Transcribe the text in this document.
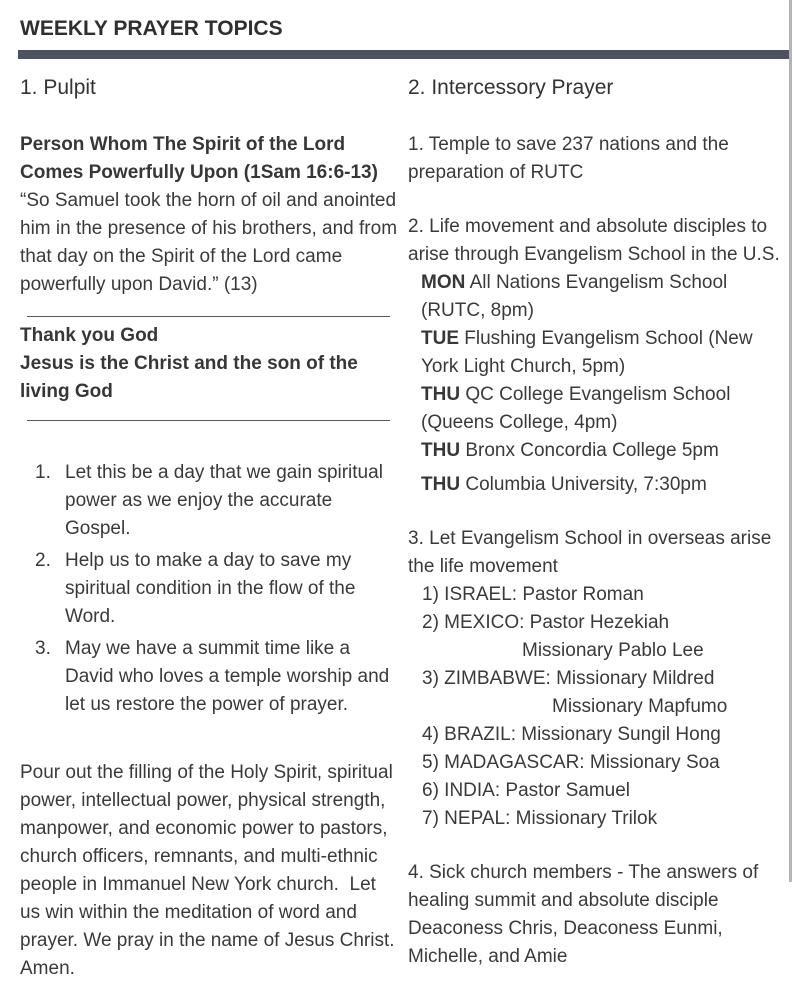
WEEKLY PRAYER TOPICS
1. Pulpit

Person Whom The Spirit of the Lord Comes Powerfully Upon (1Sam 16:6-13)

“So Samuel took the horn of oil and anointed him in the presence of his brothers, and from that day on the Spirit of the Lord came powerfully upon David.” (13)

Thank you God

Jesus is the Christ and the son of the living God

1. Let this be a day that we gain spiritual power as we enjoy the accurate Gospel.
2. Help us to make a day to save my spiritual condition in the flow of the Word.
3. May we have a summit time like a David who loves a temple worship and let us restore the power of prayer.

Pour out the filling of the Holy Spirit, spiritual power, intellectual power, physical strength, manpower, and economic power to pastors, church officers, remnants, and multi-ethnic people in Immanuel New York church.  Let us win within the meditation of word and prayer. We pray in the name of Jesus Christ. Amen.

2. Intercessory Prayer

1. Temple to save 237 nations and the preparation of RUTC

2. Life movement and absolute disciples to arise through Evangelism School in the U.S.

MON All Nations Evangelism School (RUTC, 8pm)
TUE Flushing Evangelism School (New York Light Church, 5pm)
THU QC College Evangelism School (Queens College, 4pm)
THU Bronx Concordia College 5pm
THU Columbia University, 7:30pm

3. Let Evangelism School in overseas arise the life movement

1) ISRAEL: Pastor Roman
2) MEXICO: Pastor Hezekiah
Missionary Pablo Lee
3) ZIMBABWE: Missionary Mildred
Missionary Mapfumo
4) BRAZIL: Missionary Sungil Hong
5) MADAGASCAR: Missionary Soa
6) INDIA: Pastor Samuel
7) NEPAL: Missionary Trilok

4. Sick church members - The answers of healing summit and absolute disciple

Deaconess Chris, Deaconess Eunmi, Michelle, and Amie
